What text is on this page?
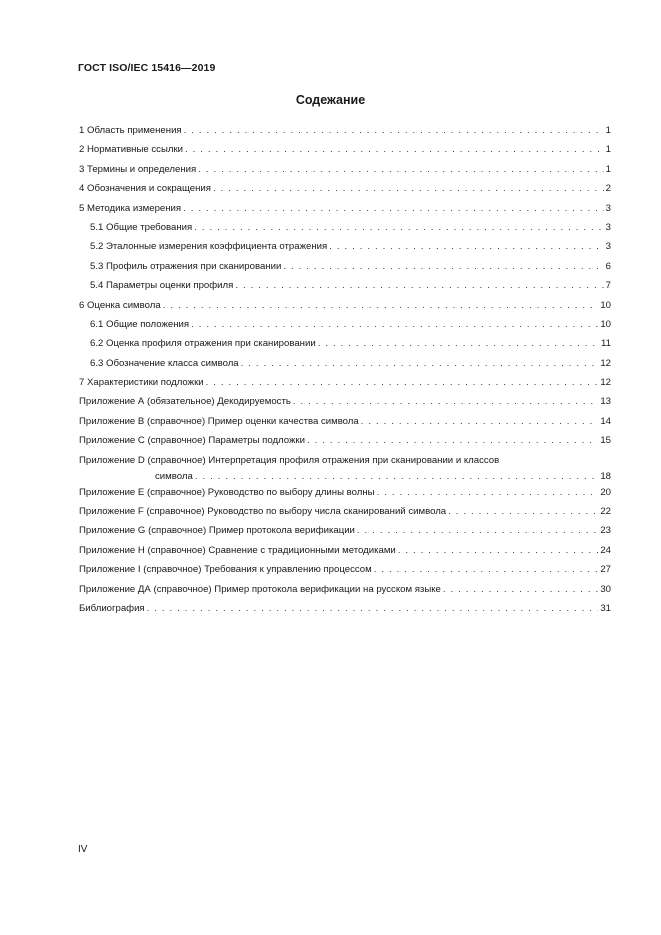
ГОСТ ISO/IEC 15416—2019
Содежание
1 Область применения . . .	1
2 Нормативные ссылки . . .	1
3 Термины и определения . . .	1
4 Обозначения и сокращения . . .	2
5 Методика измерения . . .	3
5.1 Общие требования . . .	3
5.2 Эталонные измерения коэффициента отражения . . .	3
5.3 Профиль отражения при сканировании . . .	6
5.4 Параметры оценки профиля . . .	7
6 Оценка символа . . .	10
6.1 Общие положения . . .	10
6.2 Оценка профиля отражения при сканировании . . .	11
6.3 Обозначение класса символа . . .	12
7 Характеристики подложки . . .	12
Приложение А (обязательное) Декодируемость . . .	13
Приложение В (справочное) Пример оценки качества символа . . .	14
Приложение С (справочное) Параметры подложки . . .	15
Приложение D (справочное) Интерпретация профиля отражения при сканировании и классов
символа . . .	18
Приложение Е (справочное) Руководство по выбору длины волны . . .	20
Приложение F (справочное) Руководство по выбору числа сканирований символа . . .	22
Приложение G (справочное) Пример протокола верификации . . .	23
Приложение Н (справочное) Сравнение с традиционными методиками . . .	24
Приложение I (справочное) Требования к управлению процессом . . .	27
Приложение ДА (справочное) Пример протокола верификации на русском языке . . .	30
Библиография . . .	31
IV
